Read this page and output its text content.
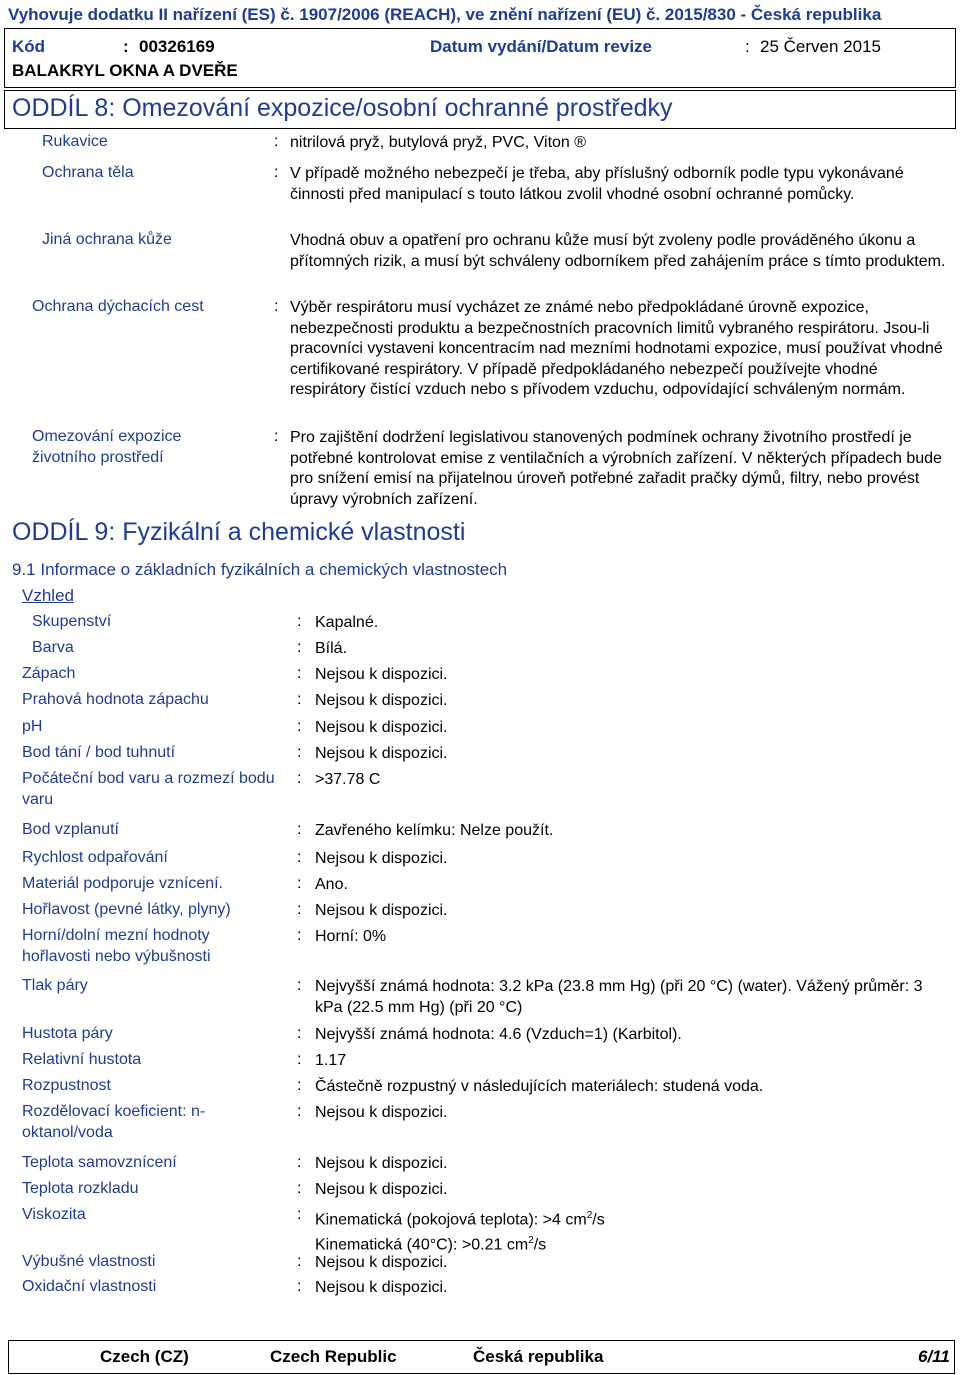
Vyhovuje dodatku II nařízení (ES) č. 1907/2006 (REACH), ve znění nařízení (EU) č. 2015/830 - Česká republika
Kód	: 00326169	Datum vydání/Datum revize	: 25 Červen 2015
BALAKRYL OKNA A DVEŘE
ODDÍL 8: Omezování expozice/osobní ochranné prostředky
Rukavice	: nitrilová pryž, butylová pryž, PVC, Viton ®
Ochrana těla	: V případě možného nebezpečí je třeba, aby příslušný odborník podle typu vykonávané činnosti před manipulací s touto látkou zvolil vhodné osobní ochranné pomůcky.
Jiná ochrana kůže	Vhodná obuv a opatření pro ochranu kůže musí být zvoleny podle prováděného úkonu a přítomných rizik, a musí být schváleny odborníkem před zahájením práce s tímto produktem.
Ochrana dýchacích cest	: Výběr respirátoru musí vycházet ze známé nebo předpokládané úrovně expozice, nebezpečnosti produktu a bezpečnostních pracovních limitů vybraného respirátoru. Jsou-li pracovníci vystaveni koncentracím nad mezními hodnotami expozice, musí používat vhodné certifikované respirátory. V případě předpokládaného nebezpečí používejte vhodné respirátory čistící vzduch nebo s přívodem vzduchu, odpovídající schváleným normám.
Omezování expozice životního prostředí
: Pro zajištění dodržení legislativou stanovených podmínek ochrany životního prostředí je potřebné kontrolovat emise z ventilačních a výrobních zařízení. V některých případech bude pro snížení emisí na přijatelnou úroveň potřebné zařadit pračky dýmů, filtry, nebo provést úpravy výrobních zařízení.
ODDÍL 9: Fyzikální a chemické vlastnosti
9.1 Informace o základních fyzikálních a chemických vlastnostech
Vzhled
Skupenství	: Kapalné.
Barva	: Bílá.
Zápach	: Nejsou k dispozici.
Prahová hodnota zápachu	: Nejsou k dispozici.
pH	: Nejsou k dispozici.
Bod tání / bod tuhnutí	: Nejsou k dispozici.
Počáteční bod varu a rozmezí bodu varu
: >37.78 C
Bod vzplanutí	: Zavřeného kelímku: Nelze použít.
Rychlost odpařování	: Nejsou k dispozici.
Materiál podporuje vznícení.	: Ano.
Hořlavost (pevné látky, plyny)	: Nejsou k dispozici.
Horní/dolní mezní hodnoty hořlavosti nebo výbušnosti
: Horní: 0%
Tlak páry	: Nejvyšší známá hodnota: 3.2 kPa (23.8 mm Hg) (při 20 °C) (water). Vážený průměr: 3 kPa (22.5 mm Hg) (při 20 °C)
Hustota páry	: Nejvyšší známá hodnota: 4.6 (Vzduch=1) (Karbitol).
Relativní hustota	: 1.17
Rozpustnost	: Částečně rozpustný v následujících materiálech: studená voda.
Rozdělovací koeficient: n-oktanol/voda
: Nejsou k dispozici.
Teplota samovznícení	: Nejsou k dispozici.
Teplota rozkladu	: Nejsou k dispozici.
Viskozita	: Kinematická (pokojová teplota): >4 $cm^2/s$
Kinematická (40°C): >0.21 $cm^2/s$
Výbušné vlastnosti	: Nejsou k dispozici.
Oxidační vlastnosti	: Nejsou k dispozici.
Czech (CZ)	Czech Republic	Česká republika	6/11
